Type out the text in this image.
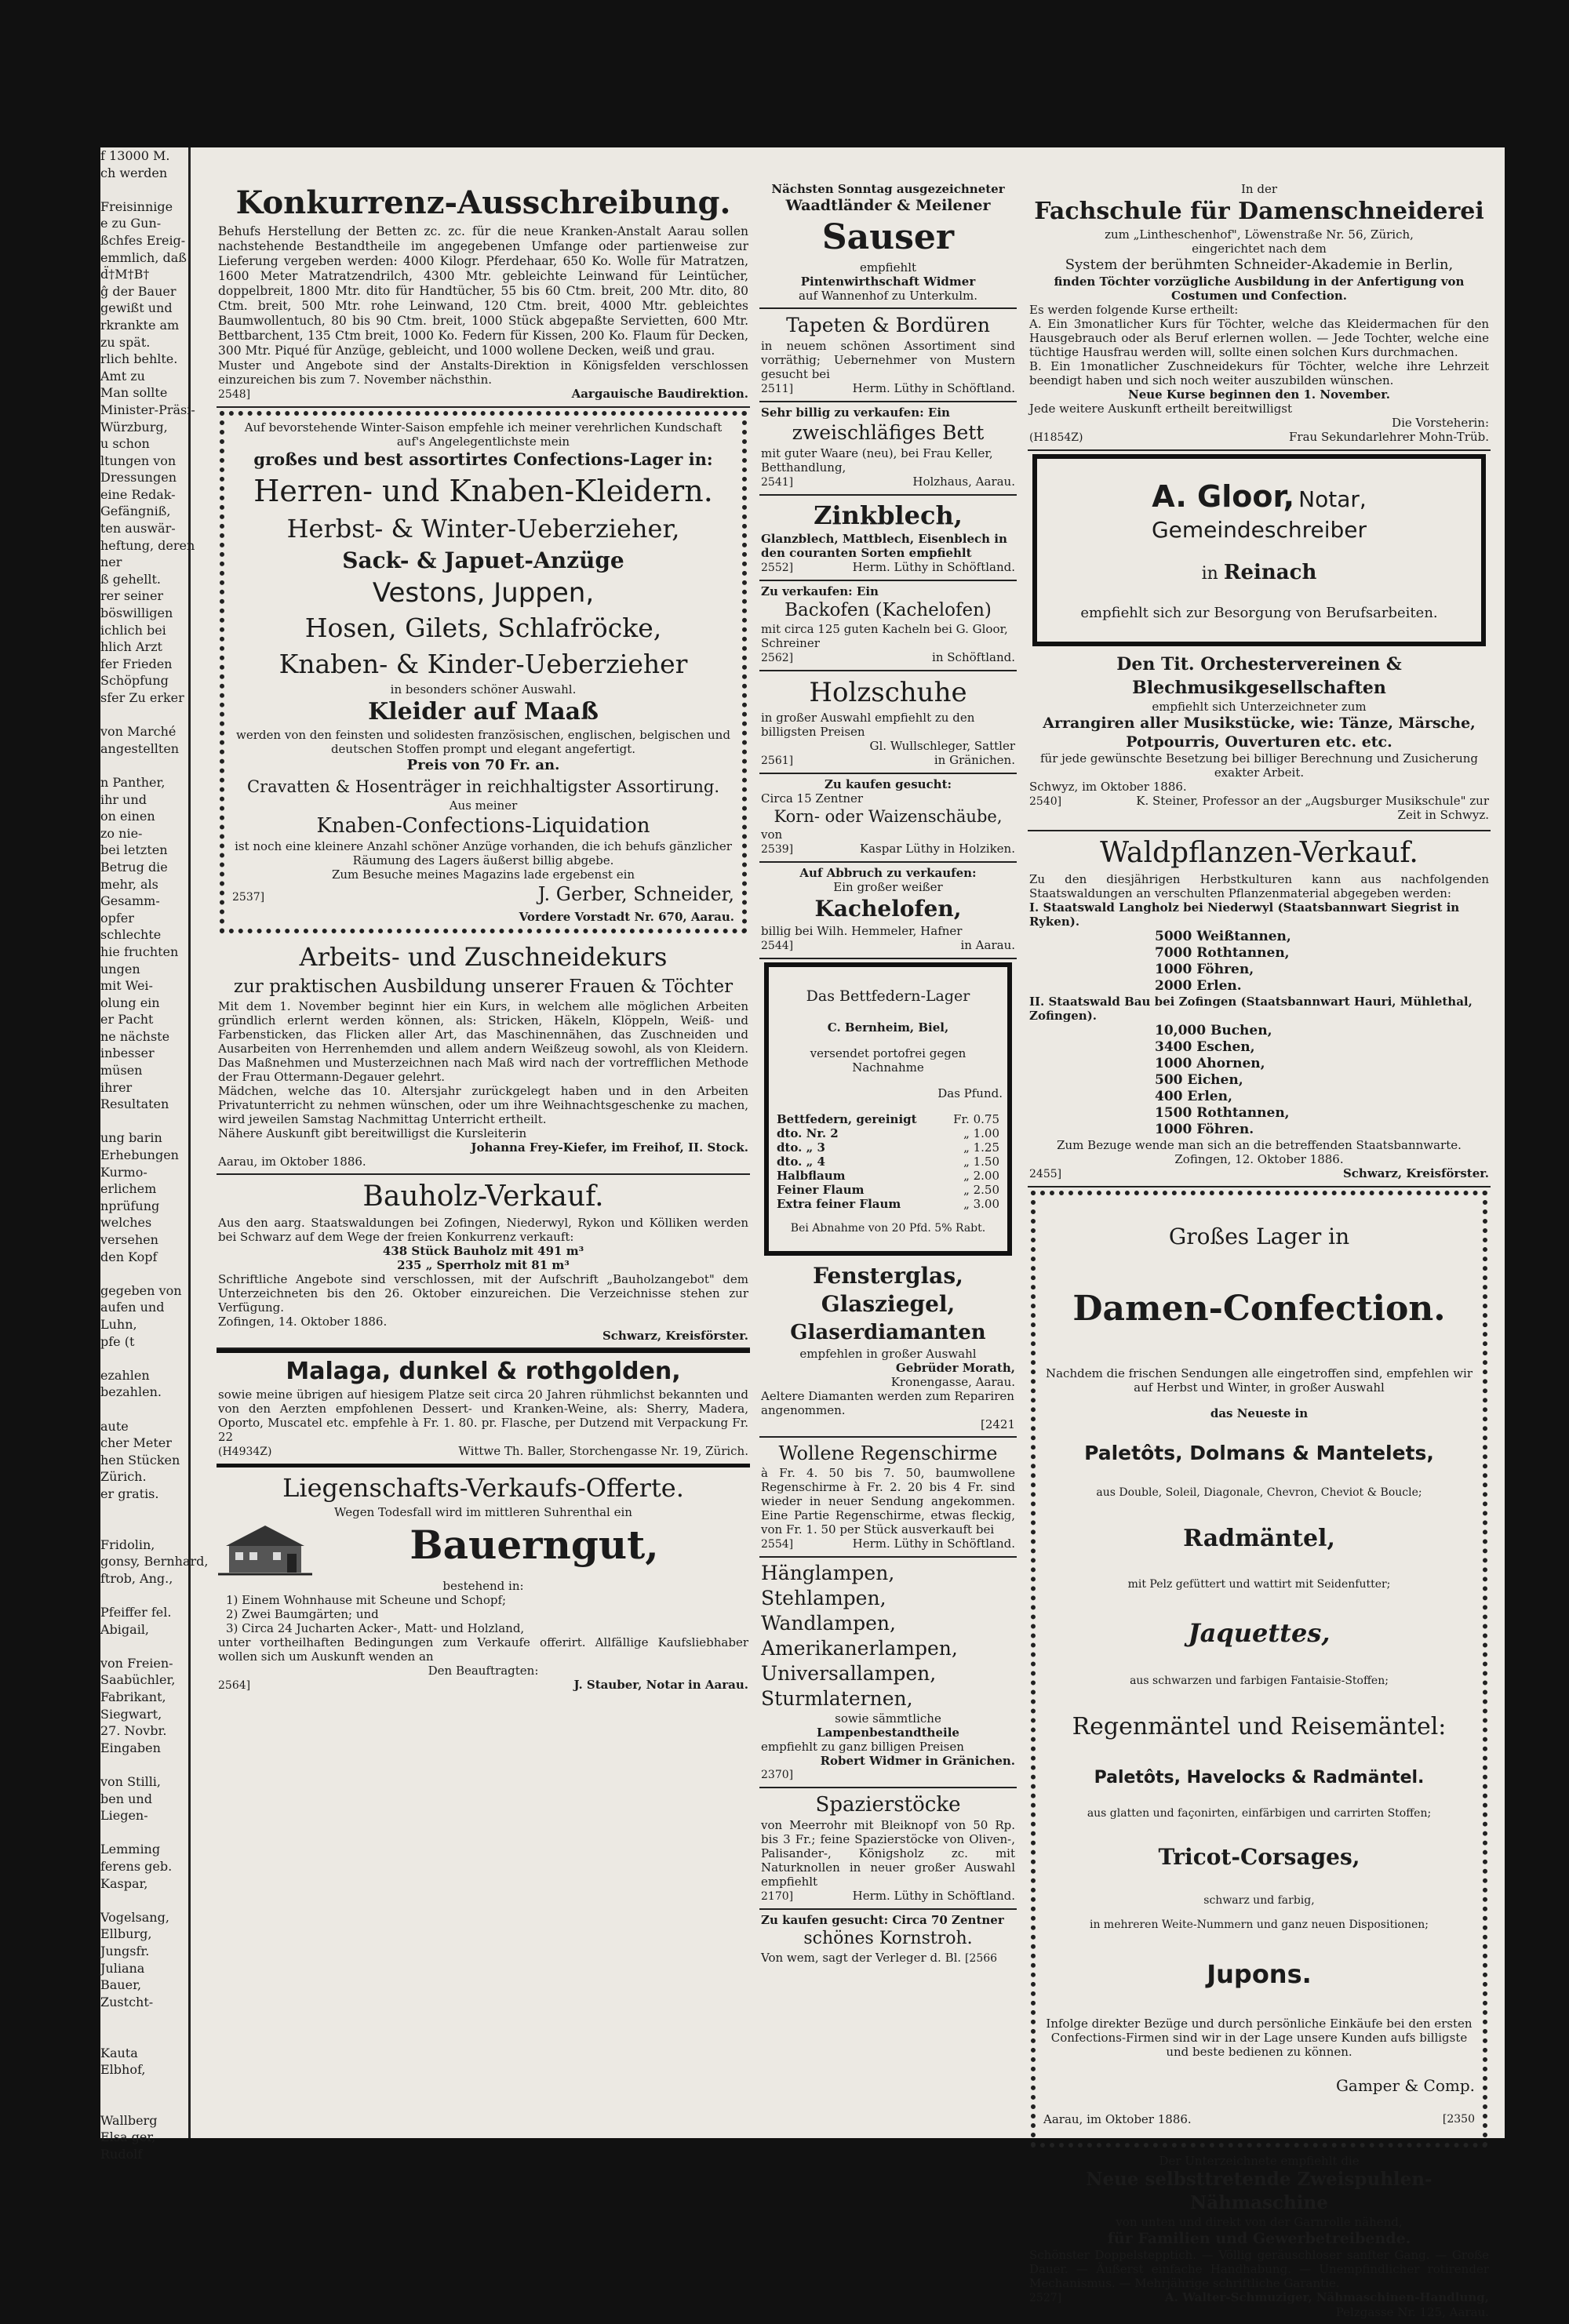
f 13000 M.

ch werden

Freisinnige

e zu Gun-

ßchfes Ereig-

emmlich, daß

d̈†M†B†

ĝ der Bauer

gewißt und

rkrankte am

zu spät.

rlich behlte.

Amt zu

Man sollte

Minister-Präsi-

Würzburg,

u schon

ltungen von

Dressungen

eine Redak-

Gefängniß,

ten auswär-

heftung, deren

ner

ß gehellt.

rer seiner

böswilligen

ichlich bei

hlich Arzt

fer Frieden

Schöpfung

sfer Zu erker

von Marché

angestellten

n Panther,

ihr und

on einen

zo nie-

bei letzten

Betrug die

mehr, als

Gesamm-

opfer

schlechte

hie fruchten

ungen

mit Wei-

olung ein

er Pacht

ne nächste

inbesser

müsen

ihrer

Resultaten

ung barin

Erhebungen

Kurmo-

erlichem

nprüfung

welches

versehen

den Kopf

gegeben von

aufen und

Luhn,

pfe (t

ezahlen

bezahlen.

aute

cher Meter

hen Stücken

Zürich.

er gratis.

Fridolin,

gonsy, Bernhard,

ftrob, Ang.,

Pfeiffer fel.

Abigail,

von Freien-

Saabüchler,

Fabrikant,

Siegwart,

27. Novbr.

Eingaben

von Stilli,

ben und

Liegen-

Lemming

ferens geb.

Kaspar,

Vogelsang,

Ellburg,

Jungsfr.

Juliana

Bauer,

Zustcht-

Kauta

Elbhof,

Wallberg

Elsa ger,

Rudolf

Konkurrenz-Ausschreibung.

Behufs Herstellung der Betten zc. zc. für die neue Kranken-Anstalt Aarau sollen nachstehende Bestandtheile im angegebenen Umfange oder partienweise zur Lieferung vergeben werden: 4000 Kilogr. Pferdehaar, 650 Ko. Wolle für Matratzen, 1600 Meter Matratzendrilch, 4300 Mtr. gebleichte Leinwand für Leintücher, doppelbreit, 1800 Mtr. dito für Handtücher, 55 bis 60 Ctm. breit, 200 Mtr. dito, 80 Ctm. breit, 500 Mtr. rohe Leinwand, 120 Ctm. breit, 4000 Mtr. gebleichtes Baumwollentuch, 80 bis 90 Ctm. breit, 1000 Stück abgepaßte Servietten, 600 Mtr. Bettbarchent, 135 Ctm breit, 1000 Ko. Federn für Kissen, 200 Ko. Flaum für Decken, 300 Mtr. Piqué für Anzüge, gebleicht, und 1000 wollene Decken, weiß und grau.

Muster und Angebote sind der Anstalts-Direktion in Königsfelden verschlossen einzureichen bis zum 7. November nächsthin.

2548]	Aargauische Baudirektion.

Auf bevorstehende Winter-Saison empfehle ich meiner verehrlichen Kundschaft auf's Angelegentlichste mein

großes und best assortirtes Confections-Lager in:

Herren- und Knaben-Kleidern.

Herbst- & Winter-Ueberzieher,

Sack- & Japuet-Anzüge

Vestons, Juppen,

Hosen, Gilets, Schlafröcke,

Knaben- & Kinder-Ueberzieher

in besonders schöner Auswahl.

Kleider auf Maaß

werden von den feinsten und solidesten französischen, englischen, belgischen und deutschen Stoffen prompt und elegant angefertigt.

Preis von 70 Fr. an.

Cravatten & Hosenträger in reichhaltigster Assortirung.

Aus meiner

Knaben-Confections-Liquidation

ist noch eine kleinere Anzahl schöner Anzüge vorhanden, die ich behufs gänzlicher Räumung des Lagers äußerst billig abgebe.

Zum Besuche meines Magazins lade ergebenst ein

2537]	J. Gerber, Schneider,

Vordere Vorstadt Nr. 670, Aarau.

Arbeits- und Zuschneidekurs

zur praktischen Ausbildung unserer Frauen & Töchter

Mit dem 1. November beginnt hier ein Kurs, in welchem alle möglichen Arbeiten gründlich erlernt werden können, als: Stricken, Häkeln, Klöppeln, Weiß- und Farbensticken, das Flicken aller Art, das Maschinennähen, das Zuschneiden und Ausarbeiten von Herrenhemden und allem andern Weißzeug sowohl, als von Kleidern. Das Maßnehmen und Musterzeichnen nach Maß wird nach der vortrefflichen Methode der Frau Ottermann-Degauer gelehrt.

Mädchen, welche das 10. Altersjahr zurückgelegt haben und in den Arbeiten Privatunterricht zu nehmen wünschen, oder um ihre Weihnachtsgeschenke zu machen, wird jeweilen Samstag Nachmittag Unterricht ertheilt.

Nähere Auskunft gibt bereitwilligst die Kursleiterin

Johanna Frey-Kiefer, im Freihof, II. Stock.

Aarau, im Oktober 1886.

Bauholz-Verkauf.

Aus den aarg. Staatswaldungen bei Zofingen, Niederwyl, Rykon und Kölliken werden bei Schwarz auf dem Wege der freien Konkurrenz verkauft:

438 Stück Bauholz mit 491 m³

235 „ Sperrholz mit 81 m³

Schriftliche Angebote sind verschlossen, mit der Aufschrift „Bauholzangebot" dem Unterzeichneten bis den 26. Oktober einzureichen. Die Verzeichnisse stehen zur Verfügung.

Zofingen, 14. Oktober 1886.

Schwarz, Kreisförster.

Malaga, dunkel & rothgolden,

sowie meine übrigen auf hiesigem Platze seit circa 20 Jahren rühmlichst bekannten und von den Aerzten empfohlenen Dessert- und Kranken-Weine, als: Sherry, Madera, Oporto, Muscatel etc. empfehle à Fr. 1. 80. pr. Flasche, per Dutzend mit Verpackung Fr. 22

(H4934Z)	Wittwe Th. Baller, Storchengasse Nr. 19, Zürich.

Liegenschafts-Verkaufs-Offerte.

Wegen Todesfall wird im mittleren Suhrenthal ein

Bauerngut,

bestehend in:

1) Einem Wohnhause mit Scheune und Schopf;

2) Zwei Baumgärten; und

3) Circa 24 Jucharten Acker-, Matt- und Holzland,

unter vortheilhaften Bedingungen zum Verkaufe offerirt. Allfällige Kaufsliebhaber wollen sich um Auskunft wenden an

Den Beauftragten:

2564]	J. Stauber, Notar in Aarau.

Nächsten Sonntag ausgezeichneter

Waadtländer & Meilener

Sauser

empfiehlt

Pintenwirthschaft Widmer

auf Wannenhof zu Unterkulm.

Tapeten & Bordüren

in neuem schönen Assortiment sind vorräthig; Uebernehmer von Mustern gesucht bei

2511]	Herm. Lüthy in Schöftland.

Sehr billig zu verkaufen: Ein

zweischläfiges Bett

mit guter Waare (neu), bei Frau Keller, Betthandlung,

2541]	Holzhaus, Aarau.

Zinkblech,

Glanzblech, Mattblech, Eisenblech in den couranten Sorten empfiehlt

2552]	Herm. Lüthy in Schöftland.

Zu verkaufen: Ein

Backofen (Kachelofen)

mit circa 125 guten Kacheln bei G. Gloor, Schreiner

2562]	in Schöftland.

Holzschuhe

in großer Auswahl empfiehlt zu den billigsten Preisen

Gl. Wullschleger, Sattler

2561]	in Gränichen.

Zu kaufen gesucht:

Circa 15 Zentner

Korn- oder Waizenschäube,

von

2539]	Kaspar Lüthy in Holziken.

Auf Abbruch zu verkaufen:

Ein großer weißer

Kachelofen,

billig bei Wilh. Hemmeler, Hafner

2544]	in Aarau.

Das Bettfedern-Lager

C. Bernheim, Biel,

versendet portofrei gegen Nachnahme

Das Pfund.

Bettfedern, gereinigt	Fr. 0.75
dto. Nr. 2	„ 1.00
dto. „ 3	„ 1.25
dto. „ 4	„ 1.50
Halbflaum	„ 2.00
Feiner Flaum	„ 2.50
Extra feiner Flaum	„ 3.00

Bei Abnahme von 20 Pfd. 5% Rabt.

Fensterglas,

Glasziegel,

Glaserdiamanten

empfehlen in großer Auswahl

Gebrüder Morath,

Kronengasse, Aarau.

Aeltere Diamanten werden zum Repariren angenommen.

[2421

Wollene Regenschirme

à Fr. 4. 50 bis 7. 50, baumwollene Regenschirme à Fr. 2. 20 bis 4 Fr. sind wieder in neuer Sendung angekommen. Eine Partie Regenschirme, etwas fleckig, von Fr. 1. 50 per Stück ausverkauft bei

2554]	Herm. Lüthy in Schöftland.

Hänglampen,

Stehlampen,

Wandlampen,

Amerikanerlampen,

Universallampen,

Sturmlaternen,

sowie sämmtliche

Lampenbestandtheile

empfiehlt zu ganz billigen Preisen

Robert Widmer in Gränichen.

2370]

Spazierstöcke

von Meerrohr mit Bleiknopf von 50 Rp. bis 3 Fr.; feine Spazierstöcke von Oliven-, Palisander-, Königsholz zc. mit Naturknollen in neuer großer Auswahl empfiehlt

2170]	Herm. Lüthy in Schöftland.

Zu kaufen gesucht: Circa 70 Zentner

schönes Kornstroh.

Von wem, sagt der Verleger d. Bl. [2566

In der

Fachschule für Damenschneiderei

zum „Lintheschenhof", Löwenstraße Nr. 56, Zürich,

eingerichtet nach dem

System der berühmten Schneider-Akademie in Berlin,

finden Töchter vorzügliche Ausbildung in der Anfertigung von Costumen und Confection.

Es werden folgende Kurse ertheilt:

A. Ein 3monatlicher Kurs für Töchter, welche das Kleidermachen für den Hausgebrauch oder als Beruf erlernen wollen. — Jede Tochter, welche eine tüchtige Hausfrau werden will, sollte einen solchen Kurs durchmachen.

B. Ein 1monatlicher Zuschneidekurs für Töchter, welche ihre Lehrzeit beendigt haben und sich noch weiter auszubilden wünschen.

Neue Kurse beginnen den 1. November.

Jede weitere Auskunft ertheilt bereitwilligst

Die Vorsteherin:

(H1854Z)	Frau Sekundarlehrer Mohn-Trüb.

A. Gloor, Notar, Gemeindeschreiber

in Reinach

empfiehlt sich zur Besorgung von Berufsarbeiten.

Den Tit. Orchestervereinen & Blechmusikgesellschaften

empfiehlt sich Unterzeichneter zum

Arrangiren aller Musikstücke, wie: Tänze, Märsche, Potpourris, Ouverturen etc. etc.

für jede gewünschte Besetzung bei billiger Berechnung und Zusicherung exakter Arbeit.

Schwyz, im Oktober 1886.

2540]	K. Steiner, Professor an der „Augsburger Musikschule" zur Zeit in Schwyz.

Waldpflanzen-Verkauf.

Zu den diesjährigen Herbstkulturen kann aus nachfolgenden Staatswaldungen an verschulten Pflanzenmaterial abgegeben werden:

I. Staatswald Langholz bei Niederwyl (Staatsbannwart Siegrist in Ryken).

5000 Weißtannen,

7000 Rothtannen,

1000 Föhren,

2000 Erlen.

II. Staatswald Bau bei Zofingen (Staatsbannwart Hauri, Mühlethal, Zofingen).

10,000 Buchen,

3400 Eschen,

1000 Ahornen,

500 Eichen,

400 Erlen,

1500 Rothtannen,

1000 Föhren.

Zum Bezuge wende man sich an die betreffenden Staatsbannwarte.

Zofingen, 12. Oktober 1886.

2455]	Schwarz, Kreisförster.

Großes Lager in

Damen-Confection.

Nachdem die frischen Sendungen alle eingetroffen sind, empfehlen wir auf Herbst und Winter, in großer Auswahl

das Neueste in

Paletôts, Dolmans & Mantelets,

aus Double, Soleil, Diagonale, Chevron, Cheviot & Boucle;

Radmäntel,

mit Pelz gefüttert und wattirt mit Seidenfutter;

Jaquettes,

aus schwarzen und farbigen Fantaisie-Stoffen;

Regenmäntel und Reisemäntel:

Paletôts, Havelocks & Radmäntel.

aus glatten und façonirten, einfärbigen und carrirten Stoffen;

Tricot-Corsages,

schwarz und farbig,

in mehreren Weite-Nummern und ganz neuen Dispositionen;

Jupons.

Infolge direkter Bezüge und durch persönliche Einkäufe bei den ersten Confections-Firmen sind wir in der Lage unsere Kunden aufs billigste und beste bedienen zu können.

Gamper & Comp.

Aarau, im Oktober 1886.	[2350

Der Unterzeichnete empfiehlt die

Neue selbsttretende Zweispuhlen-Nähmaschine

von unten und direkt von der Garnrolle nähend,

für Familien und Gewerbetreibende.

Schönster Doppelstepptich. — Völlig geräuschloser sanfter Gang. — Große Dauer. — Äußerst einfache Handhabung. — Unempfindlicher rotirender Mechanismus. — Mehrjährige schriftliche Garantie.

2527]	A. Walter-Schmuziger, Nähmaschinen-Handlung,

Pelzgasse Nr. 125, Aarau.
